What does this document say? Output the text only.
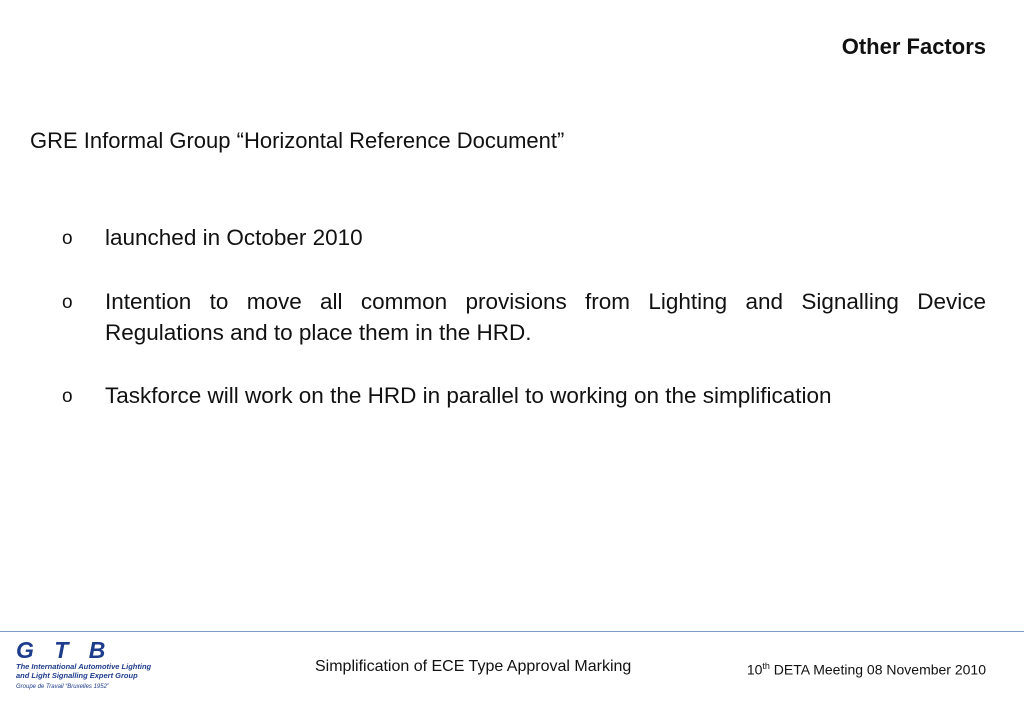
Other Factors
GRE Informal Group “Horizontal Reference Document”
o	launched in October 2010
o	Intention to move all common provisions from Lighting and Signalling Device Regulations and to place them in the HRD.
o	Taskforce will work on the HRD in parallel to working on the simplification
G T B
The International Automotive Lighting
and Light Signalling Expert Group
Groupe de Travail “Bruxelles 1952”
Simplification of ECE Type Approval Marking	10th DETA Meeting 08 November 2010
